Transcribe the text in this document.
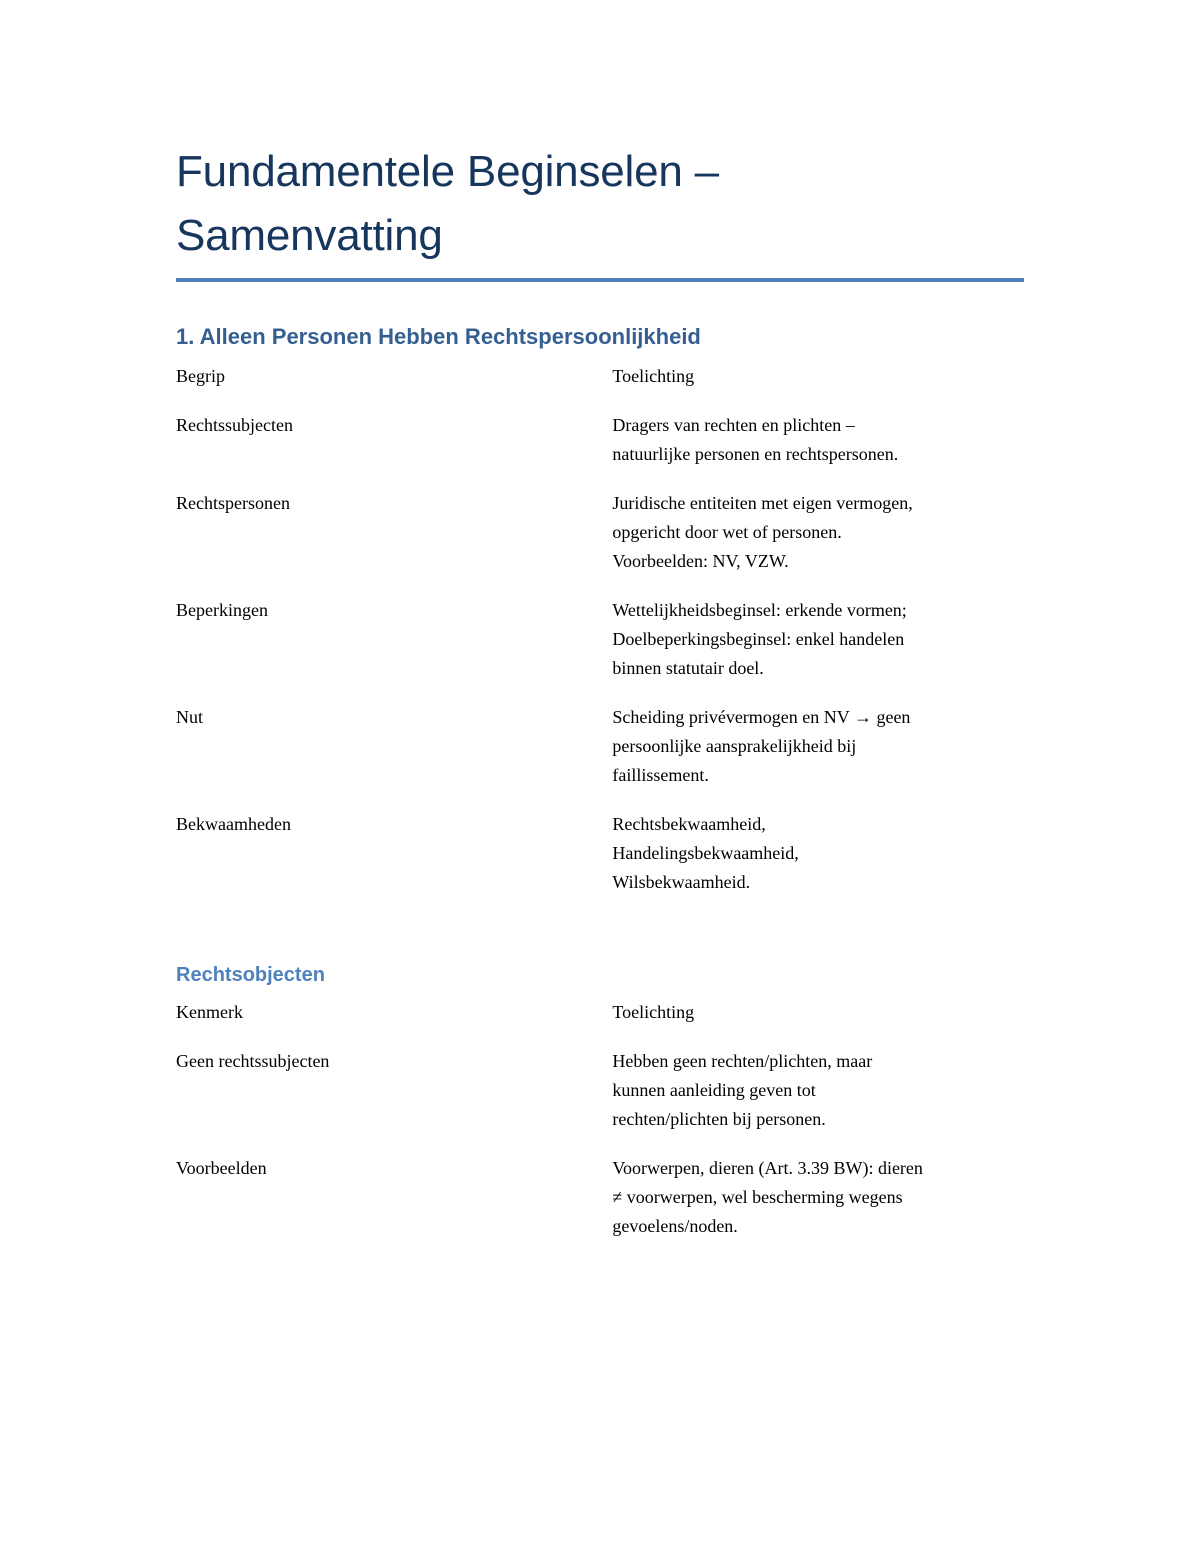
Fundamentele Beginselen –
Samenvatting
1. Alleen Personen Hebben Rechtspersoonlijkheid
Begrip	Toelichting
Rechtssubjecten	Dragers van rechten en plichten –
natuurlijke personen en rechtspersonen.
Rechtspersonen	Juridische entiteiten met eigen vermogen,
opgericht door wet of personen.
Voorbeelden: NV, VZW.
Beperkingen	Wettelijkheidsbeginsel: erkende vormen;
Doelbeperkingsbeginsel: enkel handelen
binnen statutair doel.
Nut	Scheiding privévermogen en NV → geen
persoonlijke aansprakelijkheid bij
faillissement.
Bekwaamheden	Rechtsbekwaamheid,
Handelingsbekwaamheid,
Wilsbekwaamheid.
Rechtsobjecten
Kenmerk	Toelichting
Geen rechtssubjecten	Hebben geen rechten/plichten, maar
kunnen aanleiding geven tot
rechten/plichten bij personen.
Voorbeelden	Voorwerpen, dieren (Art. 3.39 BW): dieren
≠ voorwerpen, wel bescherming wegens
gevoelens/noden.
